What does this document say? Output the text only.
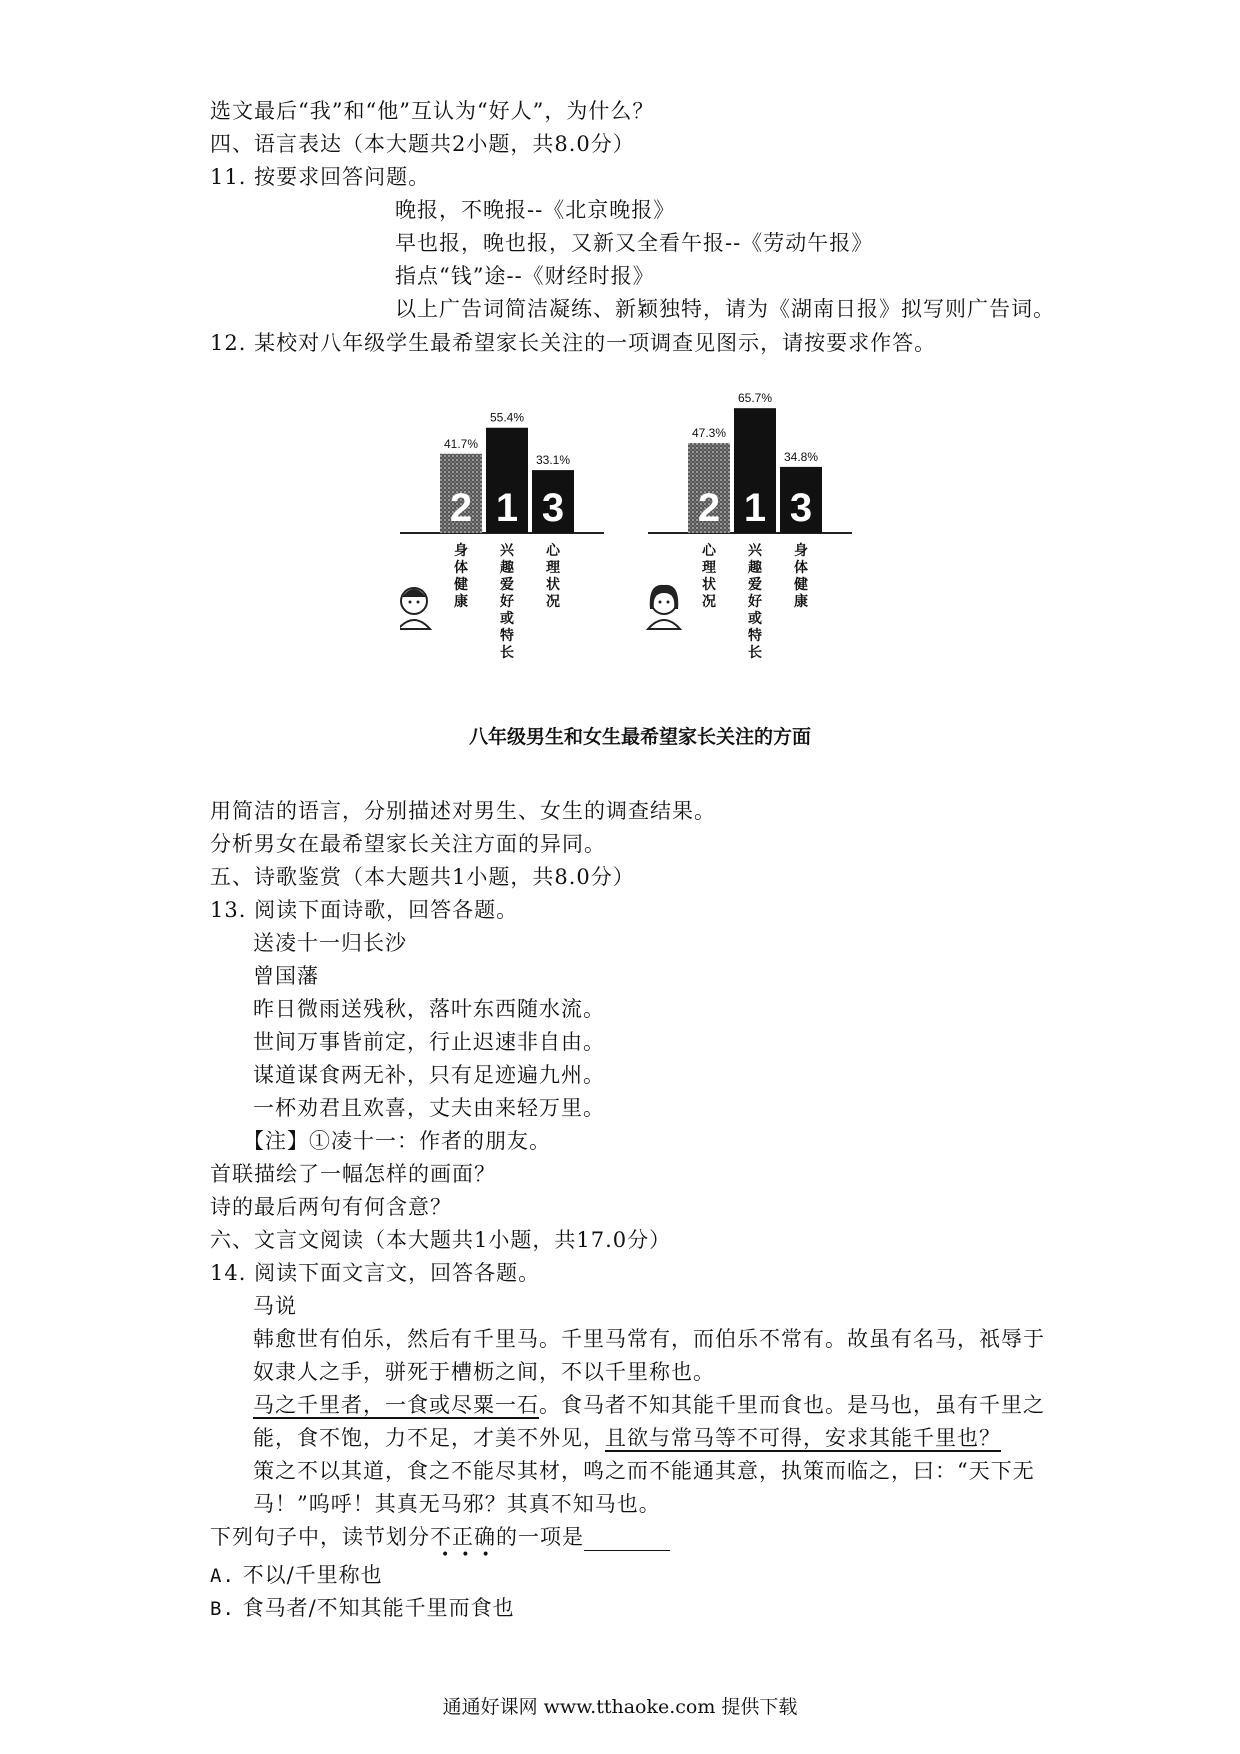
选文最后“我”和“他”互认为“好人”，为什么？
四、语言表达（本大题共2小题，共8.0分）
11. 按要求回答问题。
晚报，不晚报--《北京晚报》
早也报，晚也报，又新又全看午报--《劳动午报》
指点“钱”途--《财经时报》
以上广告词简洁凝练、新颖独特，请为《湖南日报》拟写则广告词。
12. 某校对八年级学生最希望家长关注的一项调查见图示，请按要求作答。
2
41.7%
身
体
健
康
1
55.4%
兴
趣
爱
好
或
特
长
3
33.1%
心
理
状
况
2
47.3%
心
理
状
况
1
65.7%
兴
趣
爱
好
或
特
长
3
34.8%
身
体
健
康
八年级男生和女生最希望家长关注的方面
用简洁的语言，分别描述对男生、女生的调查结果。
分析男女在最希望家长关注方面的异同。
五、诗歌鉴赏（本大题共1小题，共8.0分）
13. 阅读下面诗歌，回答各题。
送凌十一归长沙
曾国藩
昨日微雨送残秋，落叶东西随水流。
世间万事皆前定，行止迟速非自由。
谋道谋食两无补，只有足迹遍九州。
一杯劝君且欢喜，丈夫由来轻万里。
【注】①凌十一：作者的朋友。
首联描绘了一幅怎样的画面？
诗的最后两句有何含意？
六、文言文阅读（本大题共1小题，共17.0分）
14. 阅读下面文言文，回答各题。
马说
韩愈世有伯乐，然后有千里马。千里马常有，而伯乐不常有。故虽有名马，祇辱于
奴隶人之手，骈死于槽枥之间，不以千里称也。
马之千里者，一食或尽粟一石。食马者不知其能千里而食也。是马也，虽有千里之
能，食不饱，力不足，才美不外见，且欲与常马等不可得，安求其能千里也？
策之不以其道，食之不能尽其材，鸣之而不能通其意，执策而临之，曰：“天下无
马！”呜呼！其真无马邪？其真不知马也。
下列句子中，读节划分不正确的一项是
•••
A. 不以/千里称也
B. 食马者/不知其能千里而食也
通通好课网 www.tthaoke.com 提供下载
